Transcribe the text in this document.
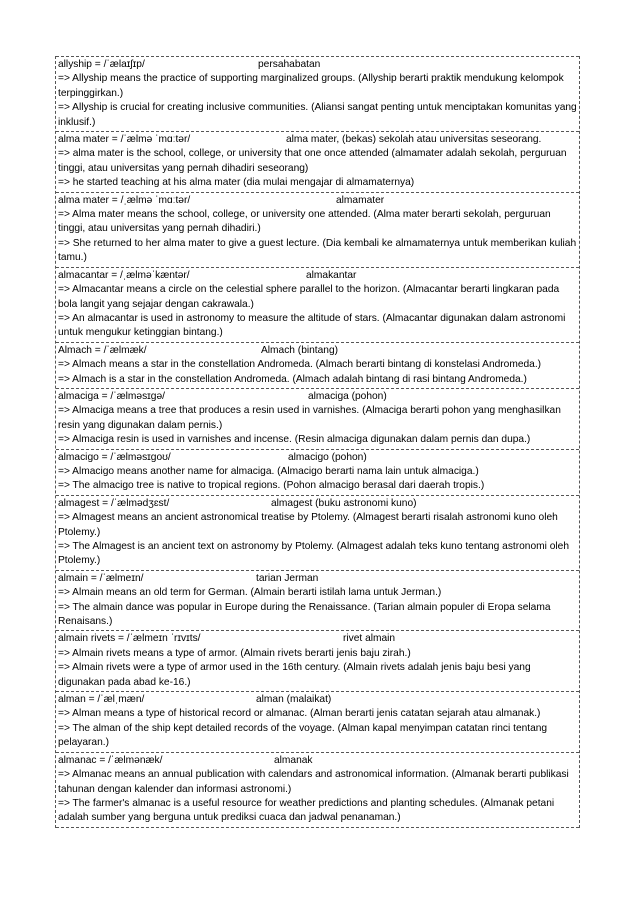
allyship = /ˈælaɪʃɪp/	persahabatan
=> Allyship means the practice of supporting marginalized groups. (Allyship berarti praktik mendukung kelompok terpinggirkan.)
=> Allyship is crucial for creating inclusive communities. (Aliansi sangat penting untuk menciptakan komunitas yang inklusif.)
alma mater = /ˈælmə ˈmɑːtər/	alma mater, (bekas) sekolah atau universitas seseorang.
=> alma mater is the school, college, or university that one once attended (almamater adalah sekolah, perguruan tinggi, atau universitas yang pernah dihadiri seseorang)
=> he started teaching at his alma mater (dia mulai mengajar di almamaternya)
alma mater = /ˌælmə ˈmɑːtər/	almamater
=> Alma mater means the school, college, or university one attended. (Alma mater berarti sekolah, perguruan tinggi, atau universitas yang pernah dihadiri.)
=> She returned to her alma mater to give a guest lecture. (Dia kembali ke almamaternya untuk memberikan kuliah tamu.)
almacantar = /ˌælməˈkæntər/	almakantar
=> Almacantar means a circle on the celestial sphere parallel to the horizon. (Almacantar berarti lingkaran pada bola langit yang sejajar dengan cakrawala.)
=> An almacantar is used in astronomy to measure the altitude of stars. (Almacantar digunakan dalam astronomi untuk mengukur ketinggian bintang.)
Almach = /ˈælmæk/	Almach (bintang)
=> Almach means a star in the constellation Andromeda. (Almach berarti bintang di konstelasi Andromeda.)
=> Almach is a star in the constellation Andromeda. (Almach adalah bintang di rasi bintang Andromeda.)
almaciga = /ˈælməsɪgə/	almaciga (pohon)
=> Almaciga means a tree that produces a resin used in varnishes. (Almaciga berarti pohon yang menghasilkan resin yang digunakan dalam pernis.)
=> Almaciga resin is used in varnishes and incense. (Resin almaciga digunakan dalam pernis dan dupa.)
almacigo = /ˈælməsɪgoʊ/	almacigo (pohon)
=> Almacigo means another name for almaciga. (Almacigo berarti nama lain untuk almaciga.)
=> The almacigo tree is native to tropical regions. (Pohon almacigo berasal dari daerah tropis.)
almagest = /ˈælmədʒɛst/	almagest (buku astronomi kuno)
=> Almagest means an ancient astronomical treatise by Ptolemy. (Almagest berarti risalah astronomi kuno oleh Ptolemy.)
=> The Almagest is an ancient text on astronomy by Ptolemy. (Almagest adalah teks kuno tentang astronomi oleh Ptolemy.)
almain = /ˈælmeɪn/	tarian Jerman
=> Almain means an old term for German. (Almain berarti istilah lama untuk Jerman.)
=> The almain dance was popular in Europe during the Renaissance. (Tarian almain populer di Eropa selama Renaisans.)
almain rivets = /ˈælmeɪn ˈrɪvɪts/	rivet almain
=> Almain rivets means a type of armor. (Almain rivets berarti jenis baju zirah.)
=> Almain rivets were a type of armor used in the 16th century. (Almain rivets adalah jenis baju besi yang digunakan pada abad ke-16.)
alman = /ˈælˌmæn/	alman (malaikat)
=> Alman means a type of historical record or almanac. (Alman berarti jenis catatan sejarah atau almanak.)
=> The alman of the ship kept detailed records of the voyage. (Alman kapal menyimpan catatan rinci tentang pelayaran.)
almanac = /ˈælmənæk/	almanak
=> Almanac means an annual publication with calendars and astronomical information. (Almanak berarti publikasi tahunan dengan kalender dan informasi astronomi.)
=> The farmer's almanac is a useful resource for weather predictions and planting schedules. (Almanak petani adalah sumber yang berguna untuk prediksi cuaca dan jadwal penanaman.)
